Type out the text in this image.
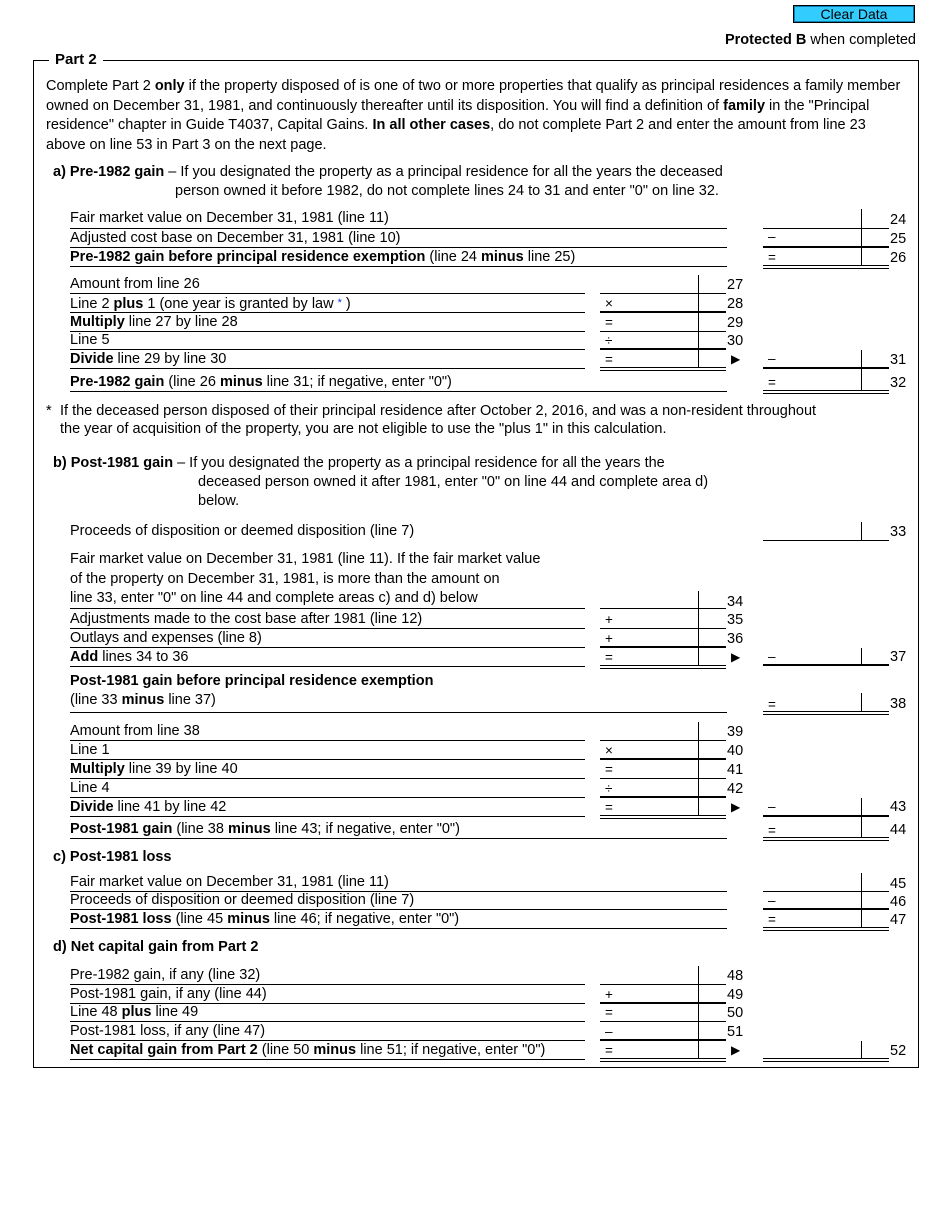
Clear Data
Protected B when completed
Part 2
Complete Part 2 only if the property disposed of is one of two or more properties that qualify as principal residences a family member owned on December 31, 1981, and continuously thereafter until its disposition. You will find a definition of family in the "Principal residence" chapter in Guide T4037, Capital Gains. In all other cases, do not complete Part 2 and enter the amount from line 23 above on line 53 in Part 3 on the next page.
a) Pre-1982 gain – If you designated the property as a principal residence for all the years the deceased
person owned it before 1982, do not complete lines 24 to 31 and enter "0" on line 32.
Fair market value on December 31, 1981 (line 11)	24
Adjusted cost base on December 31, 1981 (line 10)	–	25
Pre-1982 gain before principal residence exemption (line 24 minus line 25)	=	26
Amount from line 26	27
Line 2 plus 1 (one year is granted by law * )	×	28
Multiply line 27 by line 28	=	29
Line 5	÷	30
Divide line 29 by line 30	=	▶ –	31
Pre-1982 gain (line 26 minus line 31; if negative, enter "0")	=	32
* If the deceased person disposed of their principal residence after October 2, 2016, and was a non-resident throughout the year of acquisition of the property, you are not eligible to use the "plus 1" in this calculation.
b) Post-1981 gain – If you designated the property as a principal residence for all the years the
deceased person owned it after 1981, enter "0" on line 44 and complete area d)
below.
Proceeds of disposition or deemed disposition (line 7)	33
Fair market value on December 31, 1981 (line 11). If the fair market value
of the property on December 31, 1981, is more than the amount on
line 33, enter "0" on line 44 and complete areas c) and d) below	34
Adjustments made to the cost base after 1981 (line 12)	+	35
Outlays and expenses (line 8)	+	36
Add lines 34 to 36	=	▶ –	37
Post-1981 gain before principal residence exemption
(line 33 minus line 37)	=	38
Amount from line 38	39
Line 1	×	40
Multiply line 39 by line 40	=	41
Line 4	÷	42
Divide line 41 by line 42	=	▶ –	43
Post-1981 gain (line 38 minus line 43; if negative, enter "0")	=	44
c) Post-1981 loss
Fair market value on December 31, 1981 (line 11)	45
Proceeds of disposition or deemed disposition (line 7)	–	46
Post-1981 loss (line 45 minus line 46; if negative, enter "0")	=	47
d) Net capital gain from Part 2
Pre-1982 gain, if any (line 32)	48
Post-1981 gain, if any (line 44)	+	49
Line 48 plus line 49	=	50
Post-1981 loss, if any (line 47)	–	51
Net capital gain from Part 2 (line 50 minus line 51; if negative, enter "0")	=	▶	52
